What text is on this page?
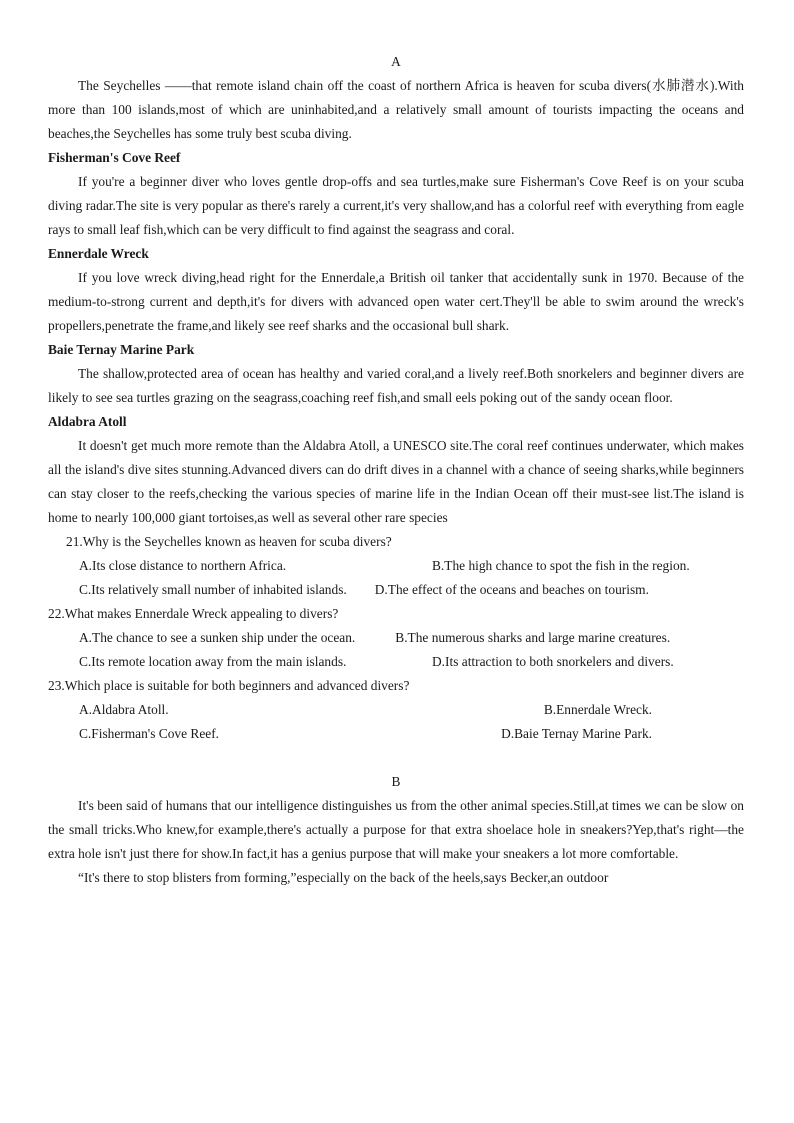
A

The Seychelles ——that remote island chain off the coast of northern Africa is heaven for scuba divers(水肺潜水).With more than 100 islands,most of which are uninhabited,and a relatively small amount of tourists impacting the oceans and beaches,the Seychelles has some truly best scuba diving.

Fisherman's Cove Reef

If you're a beginner diver who loves gentle drop-offs and sea turtles,make sure Fisherman's Cove Reef is on your scuba diving radar.The site is very popular as there's rarely a current,it's very shallow,and has a colorful reef with everything from eagle rays to small leaf fish,which can be very difficult to find against the seagrass and coral.

Ennerdale Wreck

If you love wreck diving,head right for the Ennerdale,a British oil tanker that accidentally sunk in 1970. Because of the medium-to-strong current and depth,it's for divers with advanced open water cert.They'll be able to swim around the wreck's propellers,penetrate the frame,and likely see reef sharks and the occasional bull shark.

Baie Ternay Marine Park

The shallow,protected area of ocean has healthy and varied coral,and a lively reef.Both snorkelers and beginner divers are likely to see sea turtles grazing on the seagrass,coaching reef fish,and small eels poking out of the sandy ocean floor.

Aldabra Atoll

It doesn't get much more remote than the Aldabra Atoll, a UNESCO site.The coral reef continues underwater, which makes all the island's dive sites stunning.Advanced divers can do drift dives in a channel with a chance of seeing sharks,while beginners can stay closer to the reefs,checking the various species of marine life in the Indian Ocean off their must-see list.The island is home to nearly 100,000 giant tortoises,as well as several other rare species

21.Why is the Seychelles known as heaven for scuba divers?

A.Its close distance to northern Africa.	B.The high chance to spot the fish in the region.

C.Its relatively small number of inhabited islands. D.The effect of the oceans and beaches on tourism.

22.What makes Ennerdale Wreck appealing to divers?

A.The chance to see a sunken ship under the ocean.	B.The numerous sharks and large marine creatures.

C.Its remote location away from the main islands.	D.Its attraction to both snorkelers and divers.

23.Which place is suitable for both beginners and advanced divers?

A.Aldabra Atoll.	B.Ennerdale Wreck.

C.Fisherman's Cove Reef.	D.Baie Ternay Marine Park.

B

It's been said of humans that our intelligence distinguishes us from the other animal species.Still,at times we can be slow on the small tricks.Who knew,for example,there's actually a purpose for that extra shoelace hole in sneakers?Yep,that's right—the extra hole isn't just there for show.In fact,it has a genius purpose that will make your sneakers a lot more comfortable.

“It's there to stop blisters from forming,”especially on the back of the heels,says Becker,an outdoor
